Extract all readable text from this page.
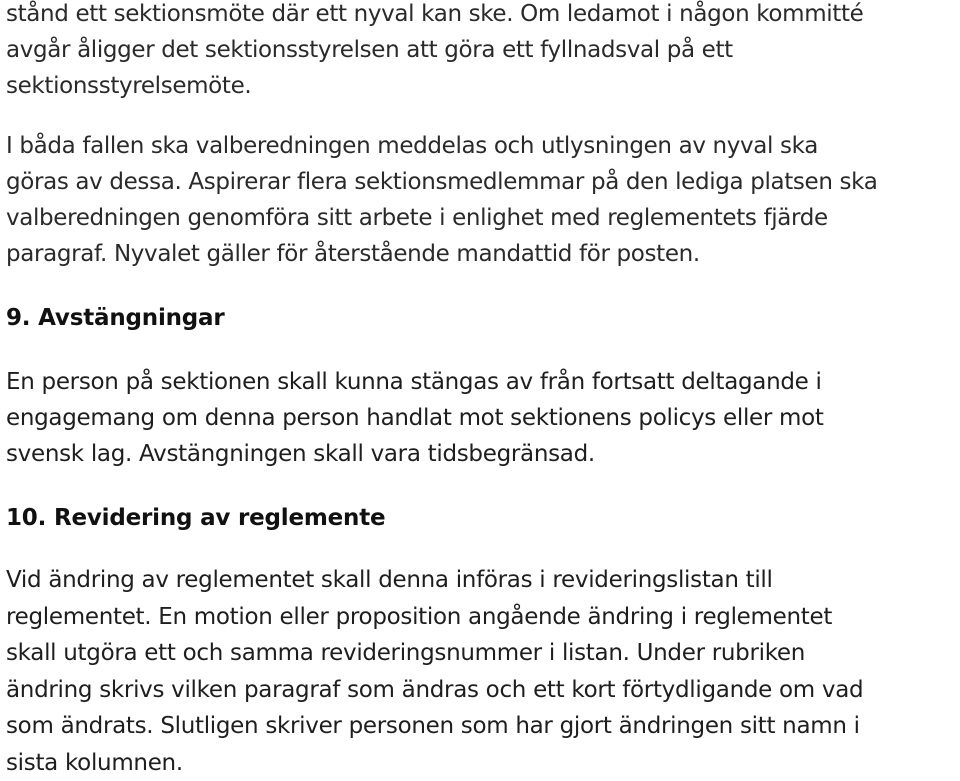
stånd ett sektionsmöte där ett nyval kan ske. Om ledamot i någon kommitté
avgår åligger det sektionsstyrelsen att göra ett fyllnadsval på ett
sektionsstyrelsemöte.

I båda fallen ska valberedningen meddelas och utlysningen av nyval ska
göras av dessa. Aspirerar flera sektionsmedlemmar på den lediga platsen ska
valberedningen genomföra sitt arbete i enlighet med reglementets fjärde
paragraf. Nyvalet gäller för återstående mandattid för posten.

9. Avstängningar

En person på sektionen skall kunna stängas av från fortsatt deltagande i
engagemang om denna person handlat mot sektionens policys eller mot
svensk lag. Avstängningen skall vara tidsbegränsad.

10. Revidering av reglemente

Vid ändring av reglementet skall denna införas i revideringslistan till
reglementet. En motion eller proposition angående ändring i reglementet
skall utgöra ett och samma revideringsnummer i listan. Under rubriken
ändring skrivs vilken paragraf som ändras och ett kort förtydligande om vad
som ändrats. Slutligen skriver personen som har gjort ändringen sitt namn i
sista kolumnen.
